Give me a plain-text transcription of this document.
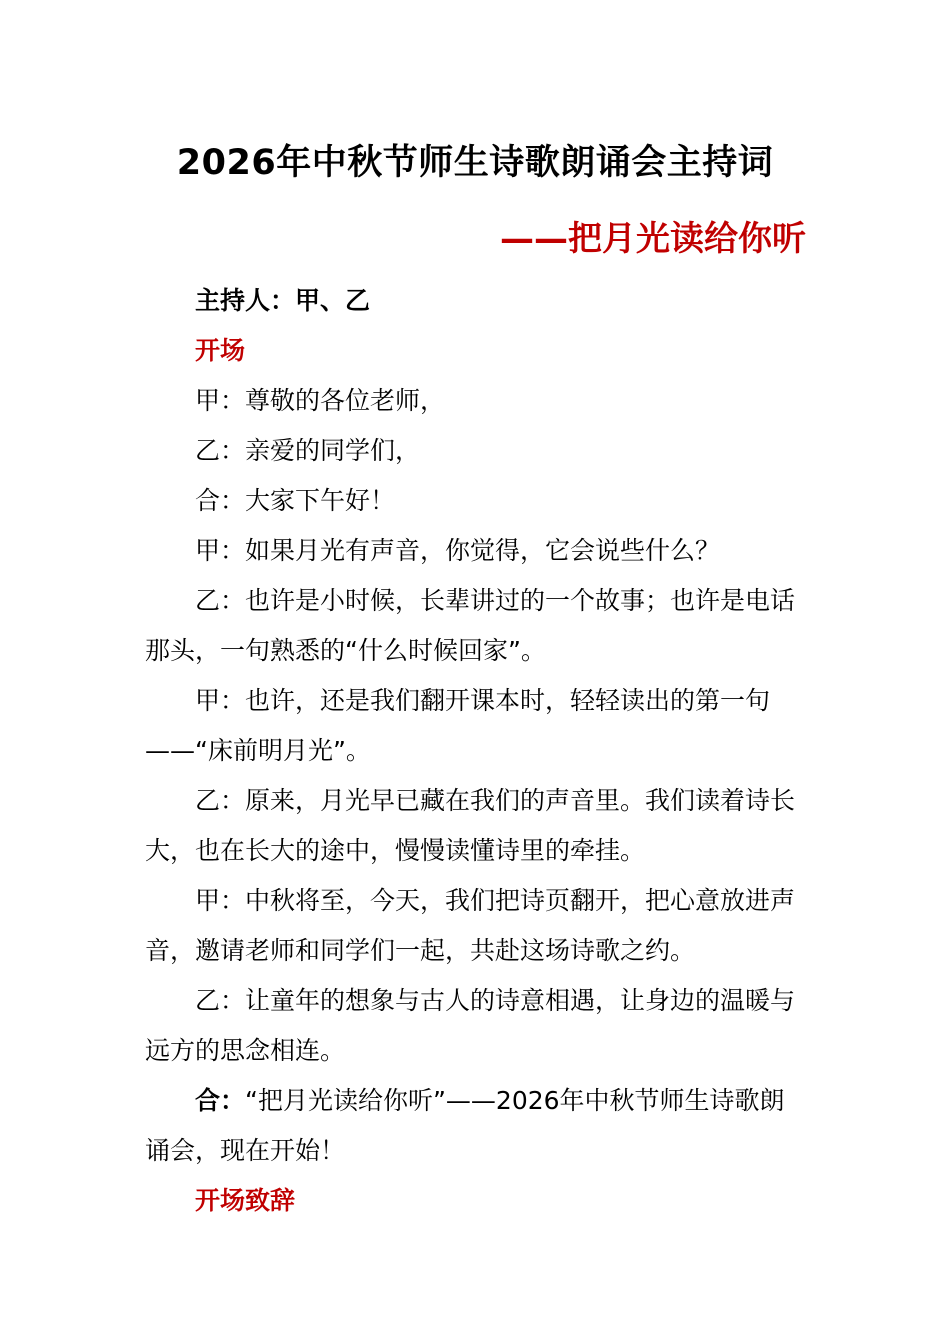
2026年中秋节师生诗歌朗诵会主持词
——把月光读给你听

主持人：甲、乙

开场

甲：尊敬的各位老师，

乙：亲爱的同学们，

合：大家下午好！

甲：如果月光有声音，你觉得，它会说些什么？

乙：也许是小时候，长辈讲过的一个故事；也许是电话那头，一句熟悉的“什么时候回家”。

甲：也许，还是我们翻开课本时，轻轻读出的第一句——“床前明月光”。

乙：原来，月光早已藏在我们的声音里。我们读着诗长大，也在长大的途中，慢慢读懂诗里的牵挂。

甲：中秋将至，今天，我们把诗页翻开，把心意放进声音，邀请老师和同学们一起，共赴这场诗歌之约。

乙：让童年的想象与古人的诗意相遇，让身边的温暖与远方的思念相连。

合：“把月光读给你听”——2026年中秋节师生诗歌朗诵会，现在开始！

开场致辞
